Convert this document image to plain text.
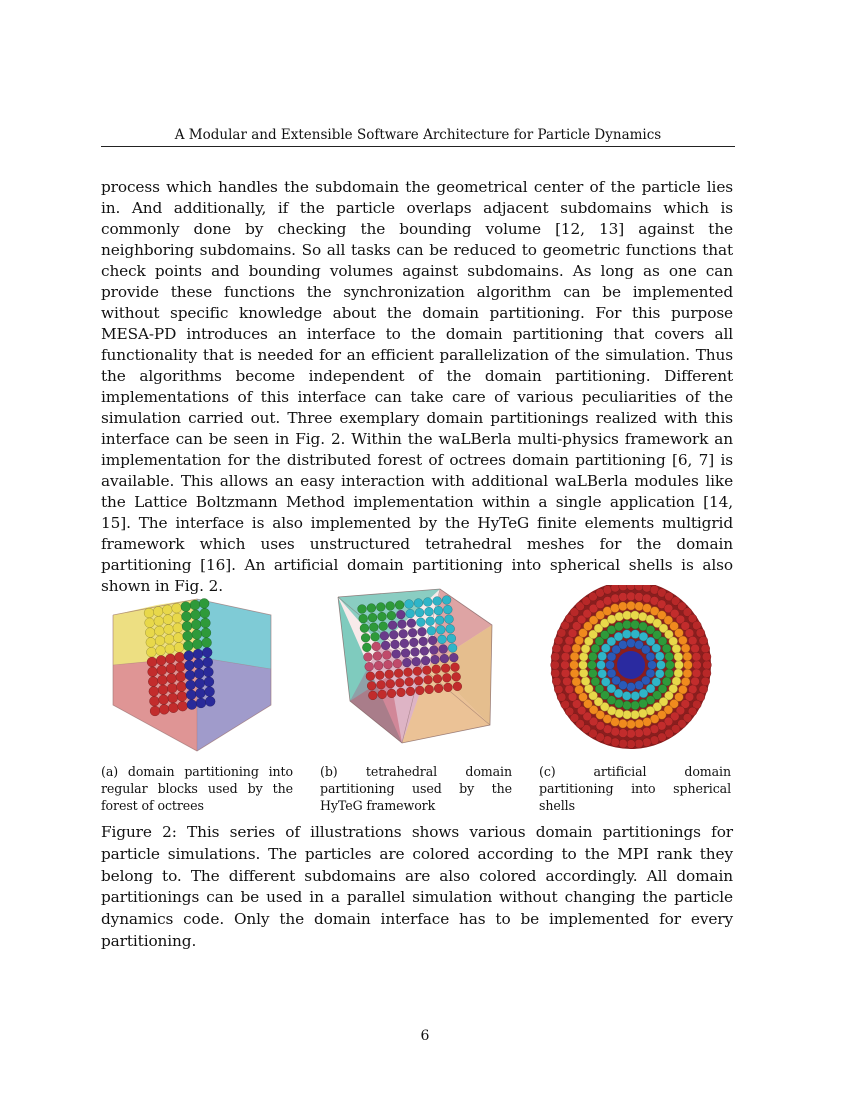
A Modular and Extensible Software Architecture for Particle Dynamics

process which handles the subdomain the geometrical center of the particle lies in. And additionally, if the particle overlaps adjacent subdomains which is commonly done by checking the bounding volume [12, 13] against the neighboring subdomains. So all tasks can be reduced to geometric functions that check points and bounding volumes against subdomains. As long as one can provide these functions the synchronization algorithm can be implemented without specific knowledge about the domain partitioning. For this purpose MESA-PD introduces an interface to the domain partitioning that covers all functionality that is needed for an efficient parallelization of the simulation. Thus the algorithms become independent of the domain partitioning. Different implementations of this interface can take care of various peculiarities of the simulation carried out. Three exemplary domain partitionings realized with this interface can be seen in Fig. 2. Within the waLBerla multi-physics framework an implementation for the distributed forest of octrees domain partitioning [6, 7] is available. This allows an easy interaction with additional waLBerla modules like the Lattice Boltzmann Method implementation within a single application [14, 15]. The interface is also implemented by the HyTeG finite elements multigrid framework which uses unstructured tetrahedral meshes for the domain partitioning [16]. An artificial domain partitioning into spherical shells is also shown in Fig. 2.

(a) domain partitioning into regular blocks used by the forest of octrees
(b) tetrahedral domain partitioning used by the HyTeG framework
(c) artificial domain partitioning into spherical shells

Figure 2: This series of illustrations shows various domain partitionings for particle simulations. The particles are colored according to the MPI rank they belong to. The different subdomains are also colored accordingly. All domain partitionings can be used in a parallel simulation without changing the particle dynamics code. Only the domain interface has to be implemented for every partitioning.

6
